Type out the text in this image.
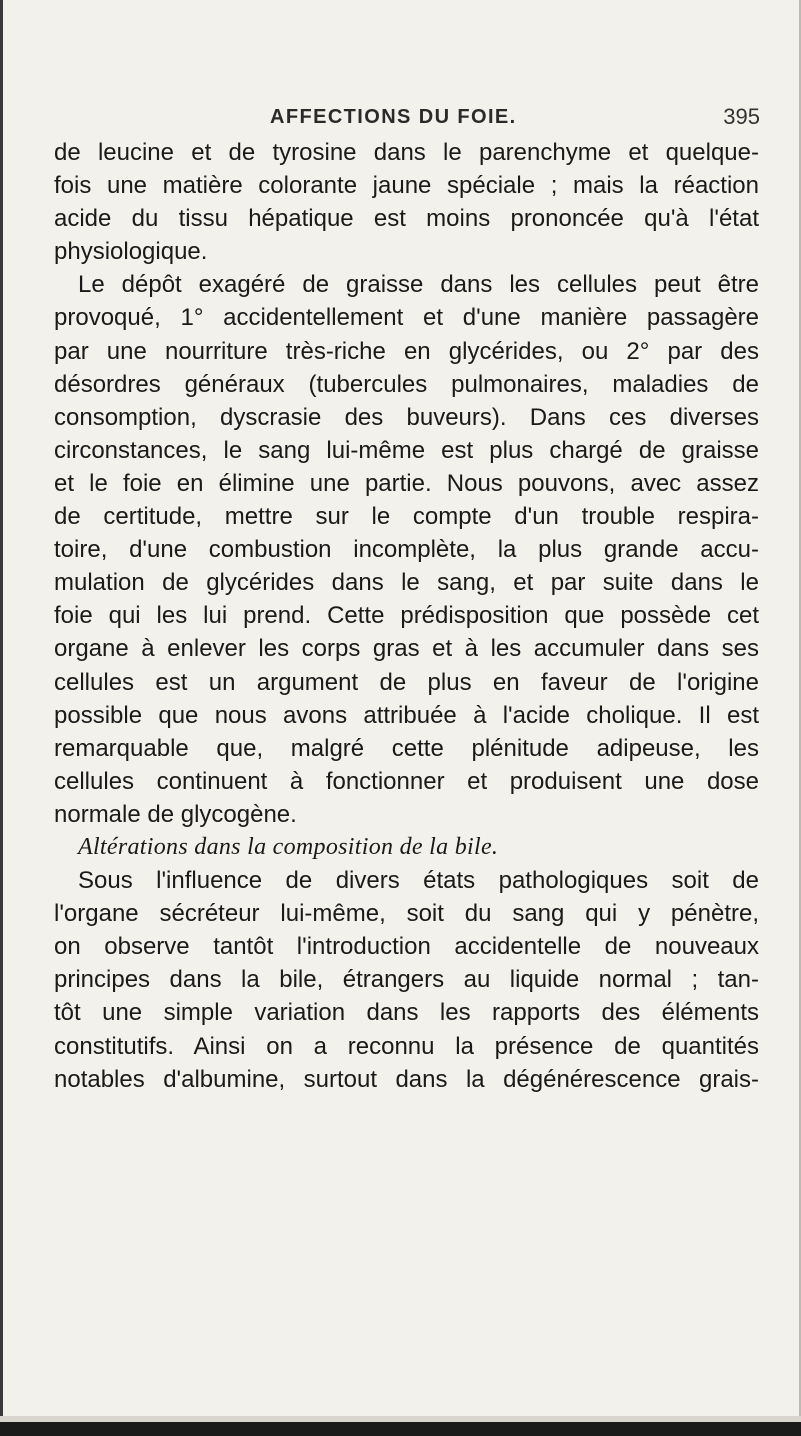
AFFECTIONS DU FOIE.	395
de leucine et de tyrosine dans le parenchyme et quelque-
fois une matière colorante jaune spéciale ; mais la réaction
acide du tissu hépatique est moins prononcée qu'à l'état
physiologique.
Le dépôt exagéré de graisse dans les cellules peut être
provoqué, 1° accidentellement et d'une manière passagère
par une nourriture très-riche en glycérides, ou 2° par des
désordres généraux (tubercules pulmonaires, maladies de
consomption, dyscrasie des buveurs). Dans ces diverses
circonstances, le sang lui-même est plus chargé de graisse
et le foie en élimine une partie. Nous pouvons, avec assez
de certitude, mettre sur le compte d'un trouble respira-
toire, d'une combustion incomplète, la plus grande accu-
mulation de glycérides dans le sang, et par suite dans le
foie qui les lui prend. Cette prédisposition que possède cet
organe à enlever les corps gras et à les accumuler dans ses
cellules est un argument de plus en faveur de l'origine
possible que nous avons attribuée à l'acide cholique. Il est
remarquable que, malgré cette plénitude adipeuse, les
cellules continuent à fonctionner et produisent une dose
normale de glycogène.
Altérations dans la composition de la bile.
Sous l'influence de divers états pathologiques soit de
l'organe sécréteur lui-même, soit du sang qui y pénètre,
on observe tantôt l'introduction accidentelle de nouveaux
principes dans la bile, étrangers au liquide normal ; tan-
tôt une simple variation dans les rapports des éléments
constitutifs. Ainsi on a reconnu la présence de quantités
notables d'albumine, surtout dans la dégénérescence grais-
